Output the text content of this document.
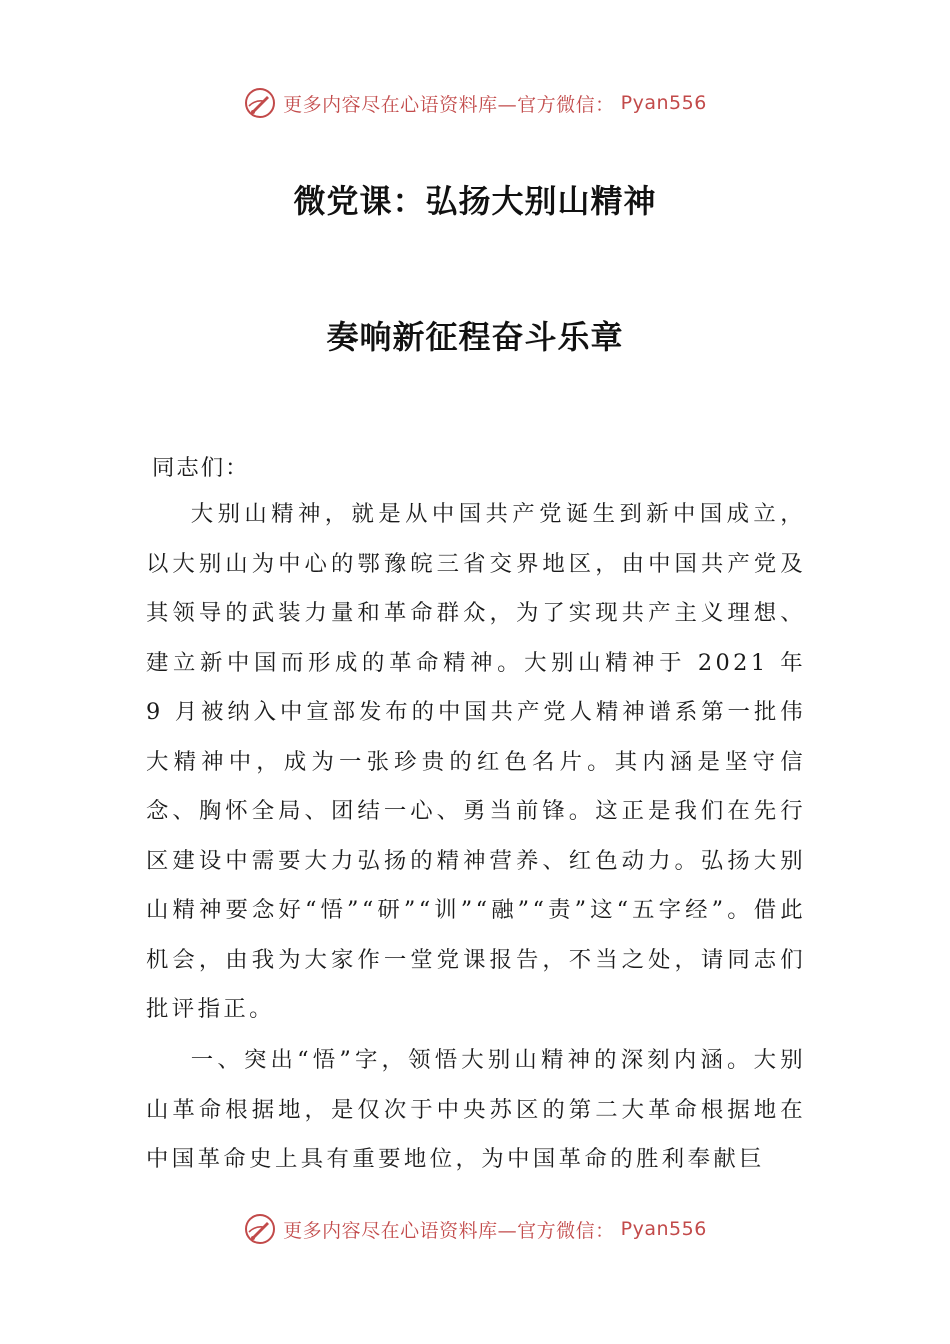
更多内容尽在心语资料库—官方微信： Pyan556
微党课：弘扬大别山精神
奏响新征程奋斗乐章
同志们：
大别山精神，就是从中国共产党诞生到新中国成立，以大别山为中心的鄂豫皖三省交界地区，由中国共产党及其领导的武装力量和革命群众，为了实现共产主义理想、建立新中国而形成的革命精神。大别山精神于 2021 年 9 月被纳入中宣部发布的中国共产党人精神谱系第一批伟大精神中，成为一张珍贵的红色名片。其内涵是坚守信念、胸怀全局、团结一心、勇当前锋。这正是我们在先行区建设中需要大力弘扬的精神营养、红色动力。弘扬大别山精神要念好“悟”“研”“训”“融”“责”这“五字经”。借此机会，由我为大家作一堂党课报告，不当之处，请同志们批评指正。
一、突出“悟”字，领悟大别山精神的深刻内涵。大别山革命根据地，是仅次于中央苏区的第二大革命根据地在中国革命史上具有重要地位，为中国革命的胜利奉献巨
更多内容尽在心语资料库—官方微信： Pyan556
